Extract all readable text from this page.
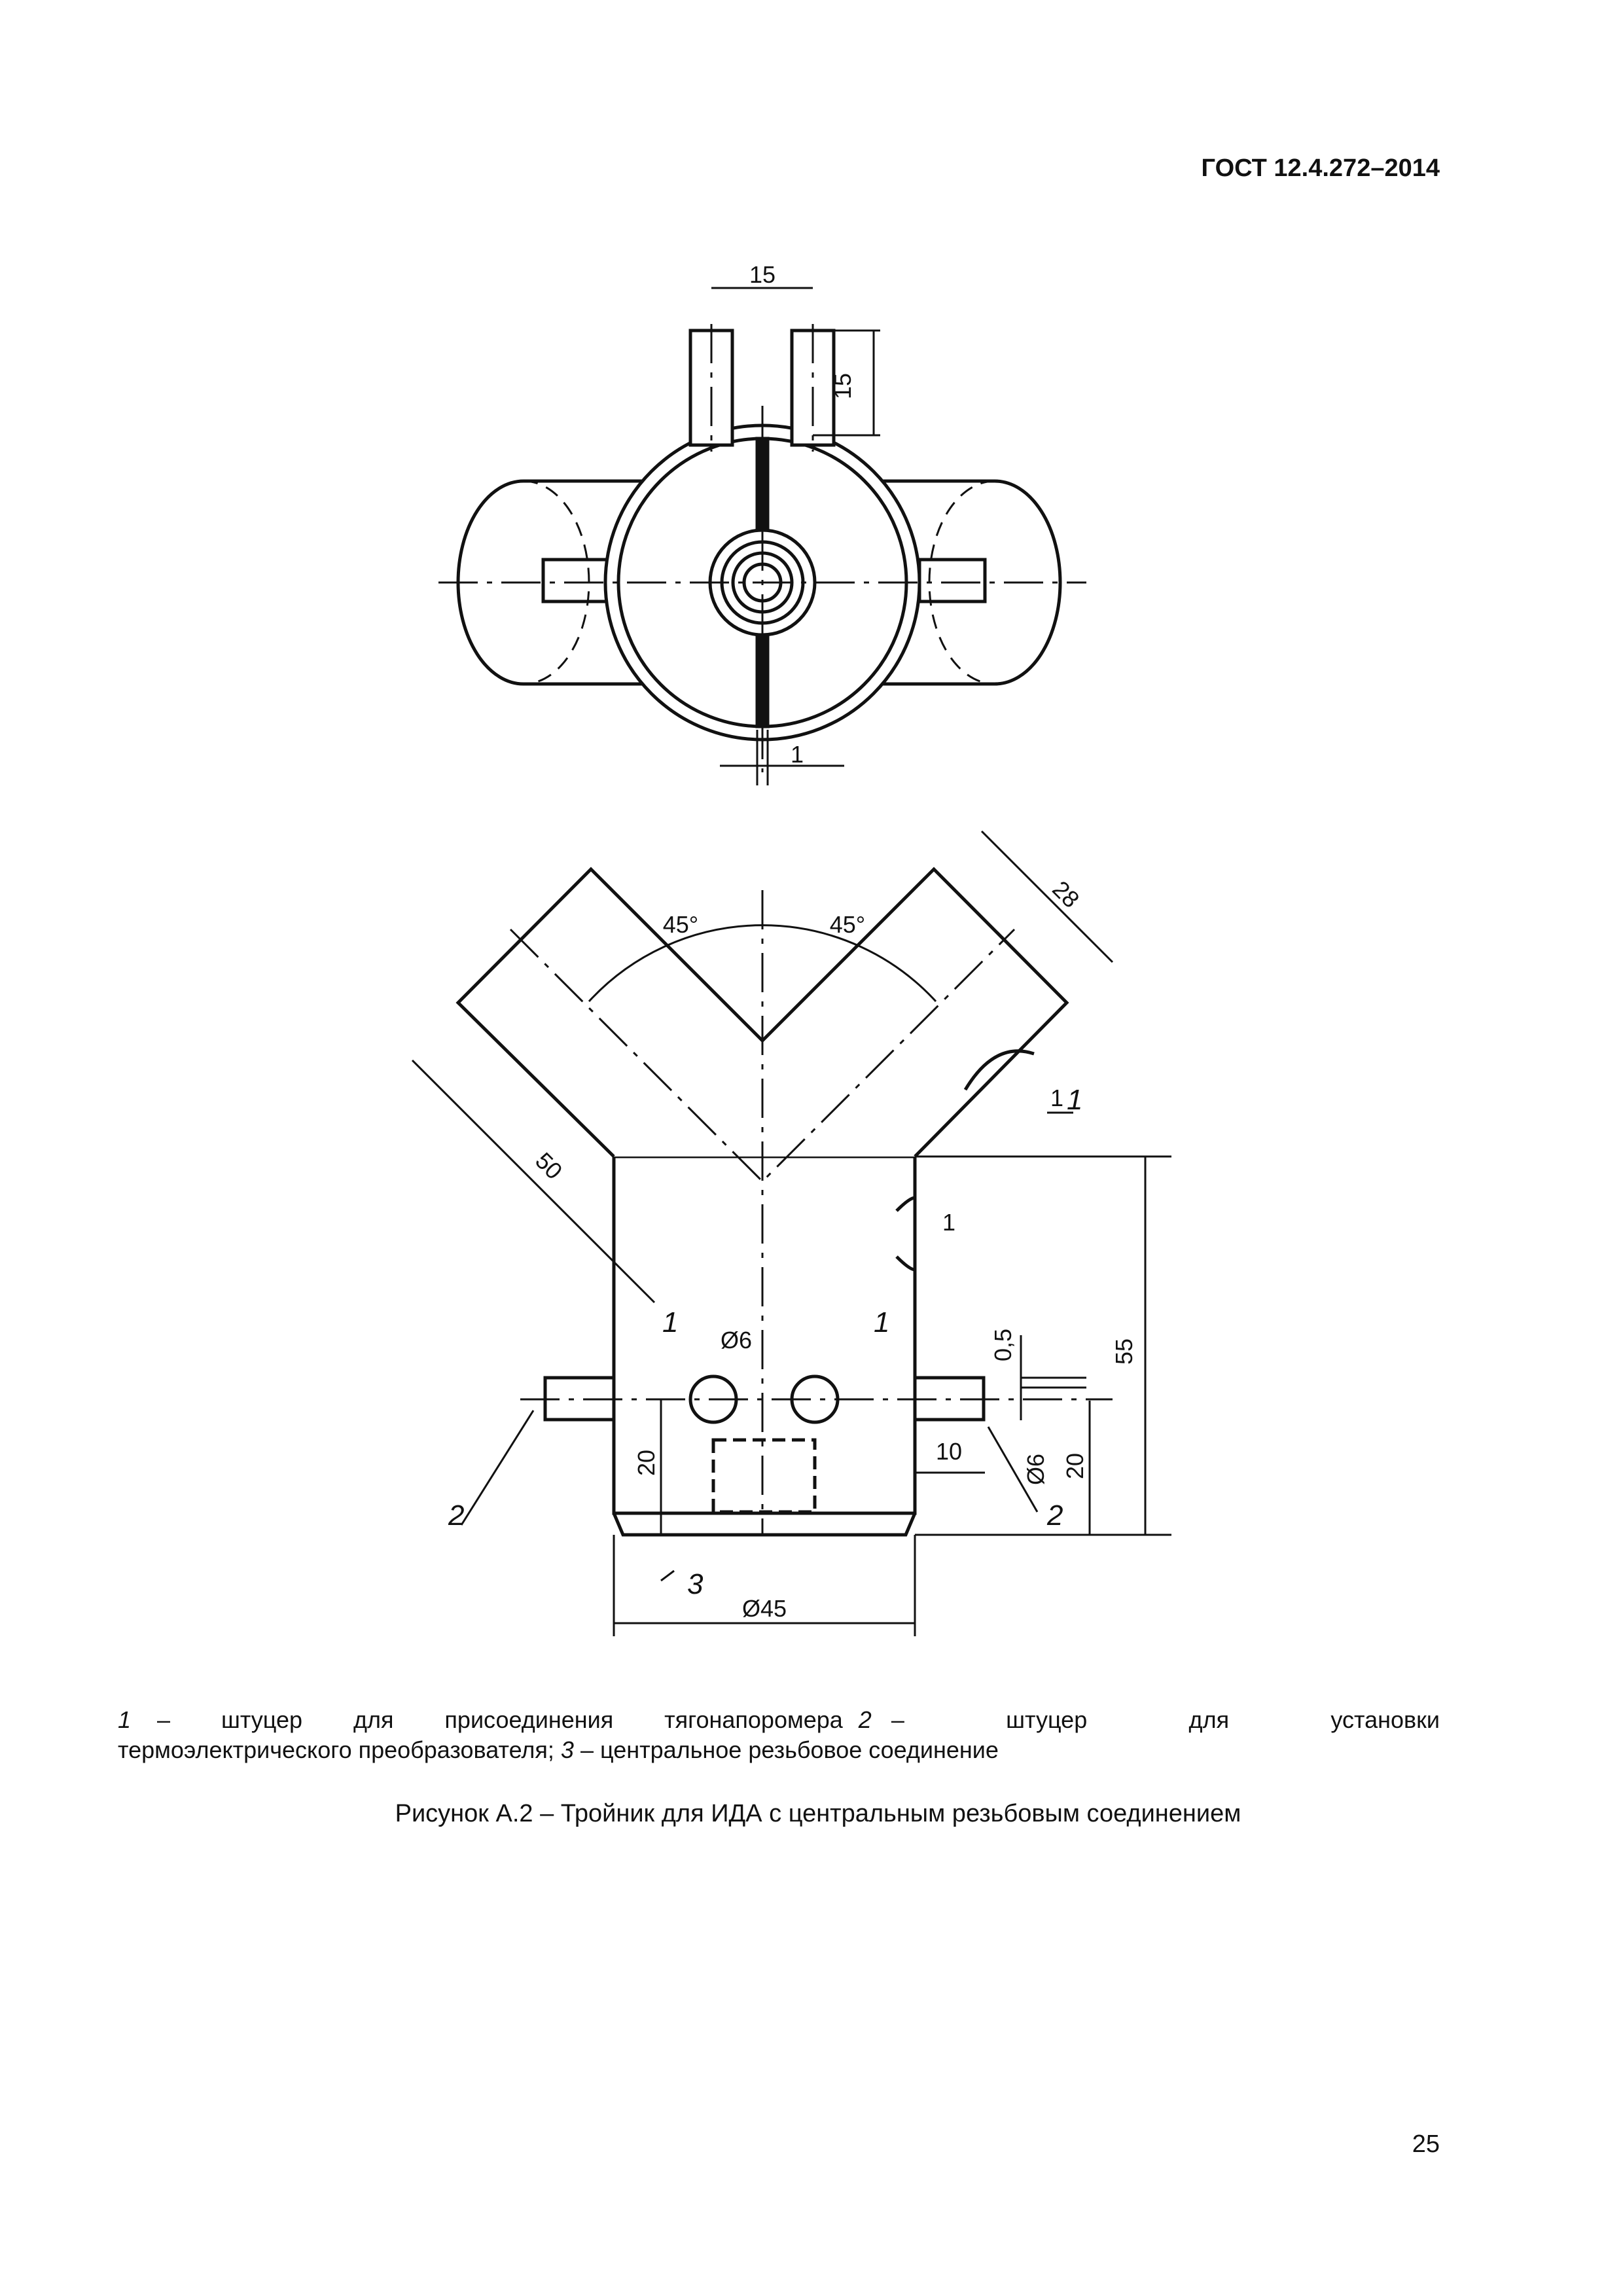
ГОСТ 12.4.272–2014
15
15
1
45°	45°
28
50
1
1
Ø6	0,5	55
Ø6 20
10
20
Ø45
1	1
1
2	2
3
1 – штуцер для присоединения тягонапоромера 2 – штуцер для установки
термоэлектрического преобразователя; 3 – центральное резьбовое соединение
Рисунок А.2 – Тройник для ИДА с центральным резьбовым соединением
25
